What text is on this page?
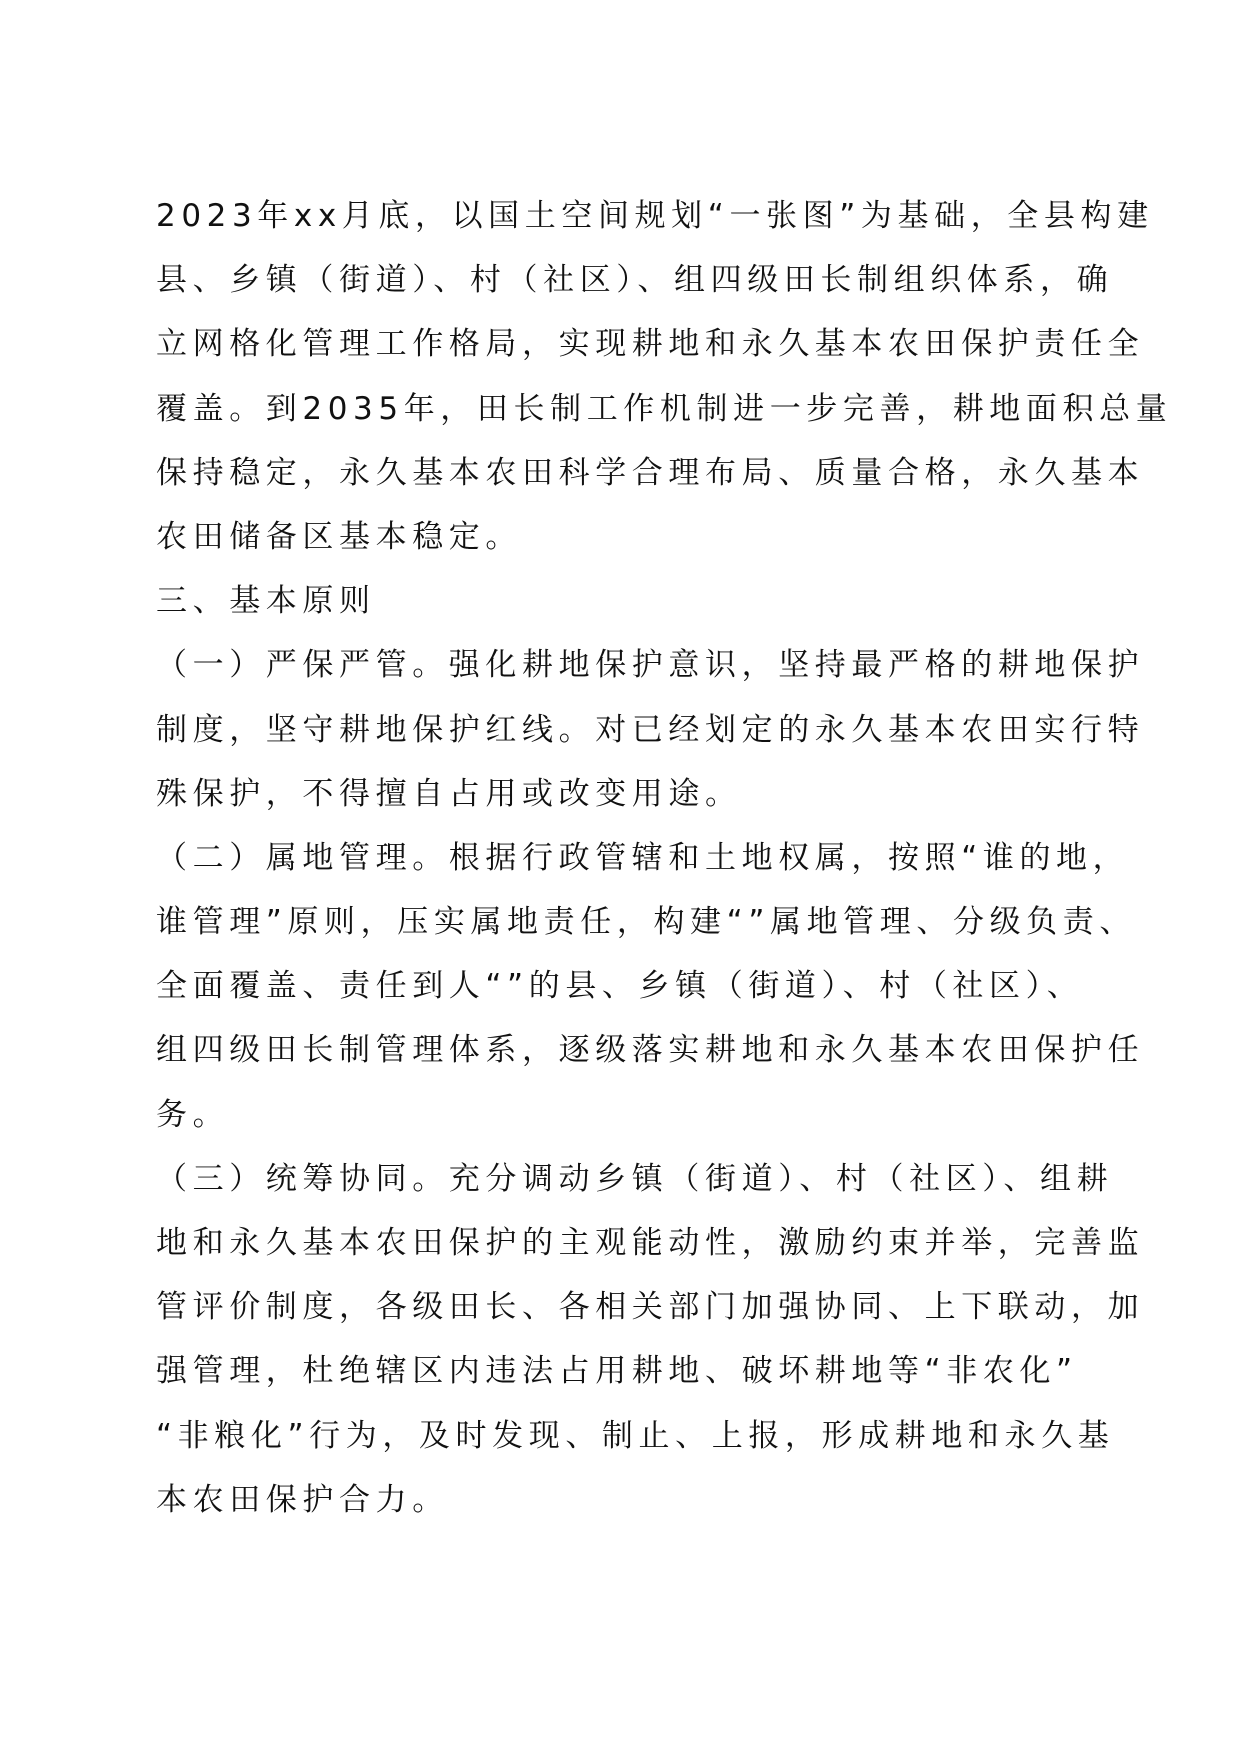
2023年xx月底，以国土空间规划“一张图”为基础，全县构建
县、乡镇（街道）、村（社区）、组四级田长制组织体系，确
立网格化管理工作格局，实现耕地和永久基本农田保护责任全
覆盖。到2035年，田长制工作机制进一步完善，耕地面积总量
保持稳定，永久基本农田科学合理布局、质量合格，永久基本
农田储备区基本稳定。
三、基本原则
（一）严保严管。强化耕地保护意识，坚持最严格的耕地保护
制度，坚守耕地保护红线。对已经划定的永久基本农田实行特
殊保护，不得擅自占用或改变用途。
（二）属地管理。根据行政管辖和土地权属，按照“谁的地，
谁管理”原则，压实属地责任，构建“”属地管理、分级负责、
全面覆盖、责任到人“”的县、乡镇（街道）、村（社区）、
组四级田长制管理体系，逐级落实耕地和永久基本农田保护任
务。
（三）统筹协同。充分调动乡镇（街道）、村（社区）、组耕
地和永久基本农田保护的主观能动性，激励约束并举，完善监
管评价制度，各级田长、各相关部门加强协同、上下联动，加
强管理，杜绝辖区内违法占用耕地、破坏耕地等“非农化”
“非粮化”行为，及时发现、制止、上报，形成耕地和永久基
本农田保护合力。
